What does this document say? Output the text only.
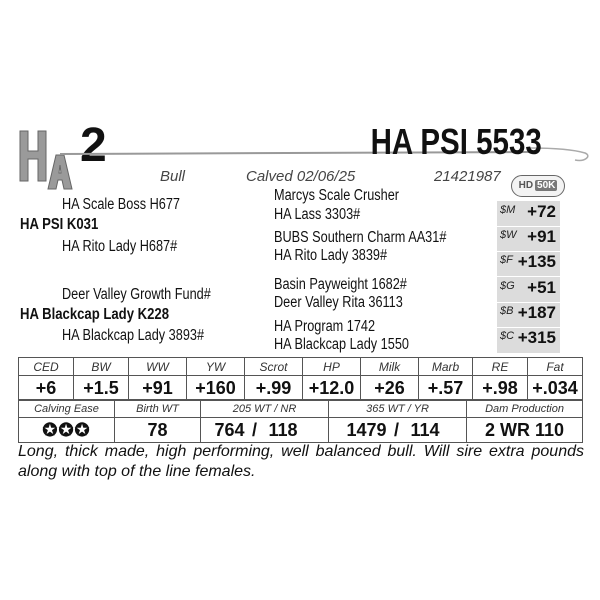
2	HA PSI 5533
Bull	Calved 02/06/25	21421987
HD 50K
Marcys Scale Crusher
HA Scale Boss H677
HA Lass 3303#
HA PSI K031
BUBS Southern Charm AA31#
HA Rito Lady H687#
HA Rito Lady 3839#
Basin Payweight 1682#
Deer Valley Growth Fund#	Deer Valley Rita 36113
HA Blackcap Lady K228
HA Program 1742
HA Blackcap Lady 3893#
HA Blackcap Lady 1550
$M +72
$W +91
$F +135
$G +51
$B +187
$C +315
CED	BW	WW	YW	Scrot	HP	Milk	Marb	RE	Fat
+6	+1.5	+91	+160	+.99	+12.0	+26	+.57	+.98	+.034
Calving Ease	Birth WT	205 WT / NR			365 WT / YR			Dam Production
✪✪✪	78	764	/	118	1479	/	114	2 WR 110
Long, thick made, high performing, well balanced bull. Will sire extra pounds along with top of the line females.
